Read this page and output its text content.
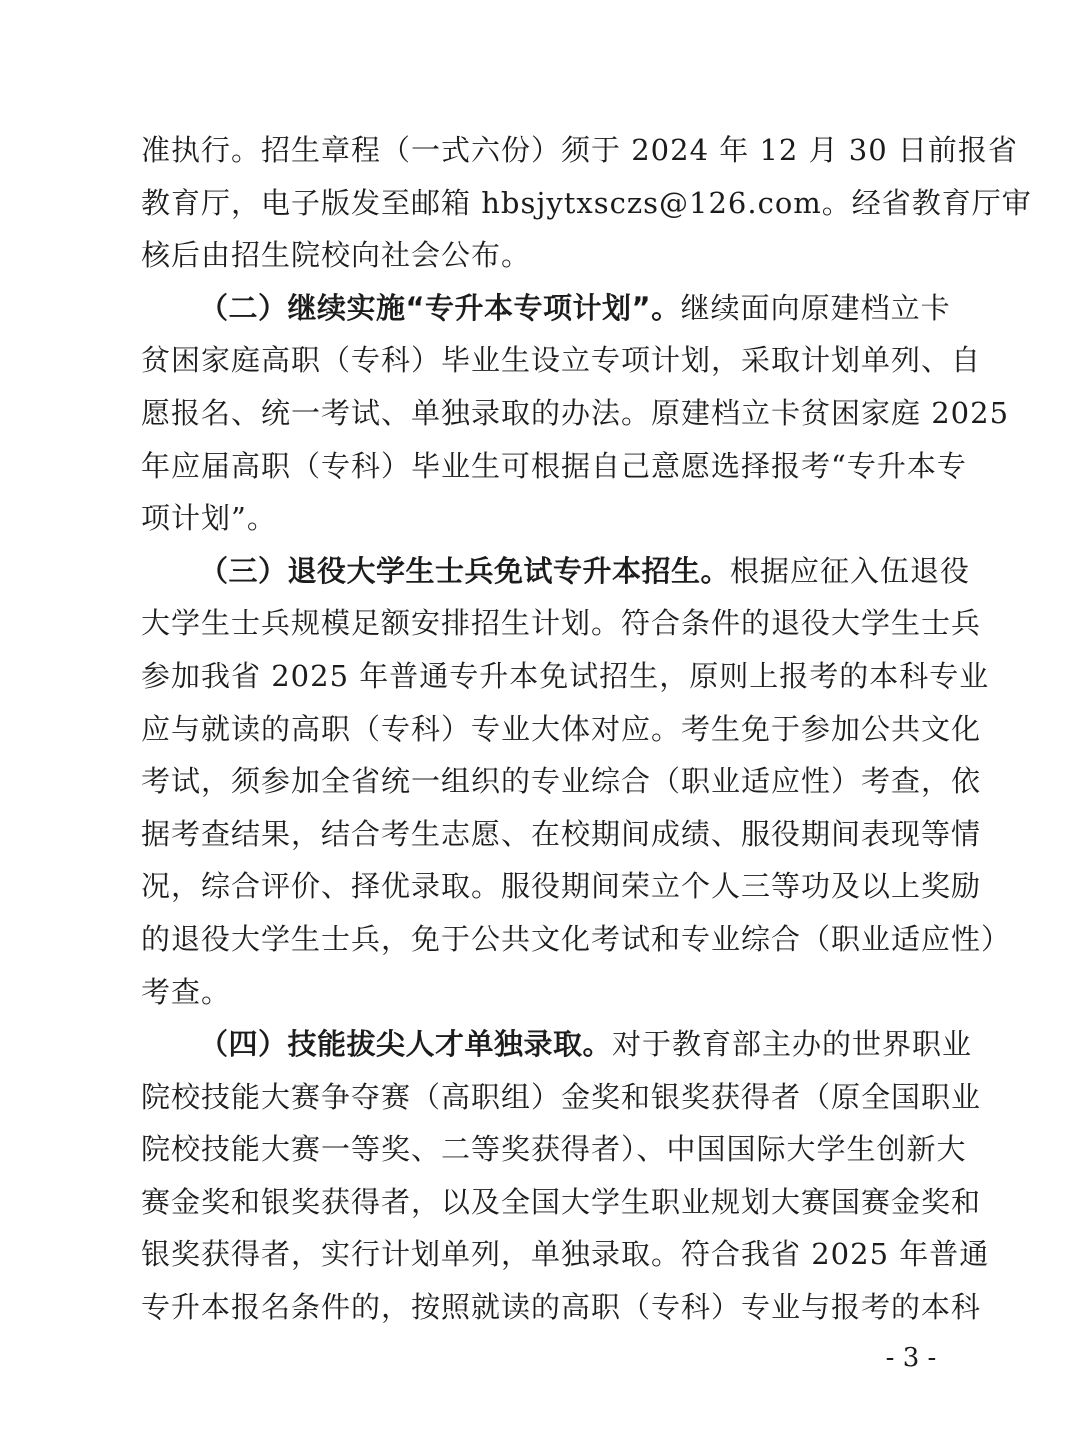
准执行。招生章程（一式六份）须于 2024 年 12 月 30 日前报省
教育厅，电子版发至邮箱 hbsjytxsczs@126.com。经省教育厅审
核后由招生院校向社会公布。
（二）继续实施“专升本专项计划”。继续面向原建档立卡
贫困家庭高职（专科）毕业生设立专项计划，采取计划单列、自
愿报名、统一考试、单独录取的办法。原建档立卡贫困家庭 2025
年应届高职（专科）毕业生可根据自己意愿选择报考“专升本专
项计划”。
（三）退役大学生士兵免试专升本招生。根据应征入伍退役
大学生士兵规模足额安排招生计划。符合条件的退役大学生士兵
参加我省 2025 年普通专升本免试招生，原则上报考的本科专业
应与就读的高职（专科）专业大体对应。考生免于参加公共文化
考试，须参加全省统一组织的专业综合（职业适应性）考查，依
据考查结果，结合考生志愿、在校期间成绩、服役期间表现等情
况，综合评价、择优录取。服役期间荣立个人三等功及以上奖励
的退役大学生士兵，免于公共文化考试和专业综合（职业适应性）
考查。
（四）技能拔尖人才单独录取。对于教育部主办的世界职业
院校技能大赛争夺赛（高职组）金奖和银奖获得者（原全国职业
院校技能大赛一等奖、二等奖获得者）、中国国际大学生创新大
赛金奖和银奖获得者，以及全国大学生职业规划大赛国赛金奖和
银奖获得者，实行计划单列，单独录取。符合我省 2025 年普通
专升本报名条件的，按照就读的高职（专科）专业与报考的本科
- 3 -
